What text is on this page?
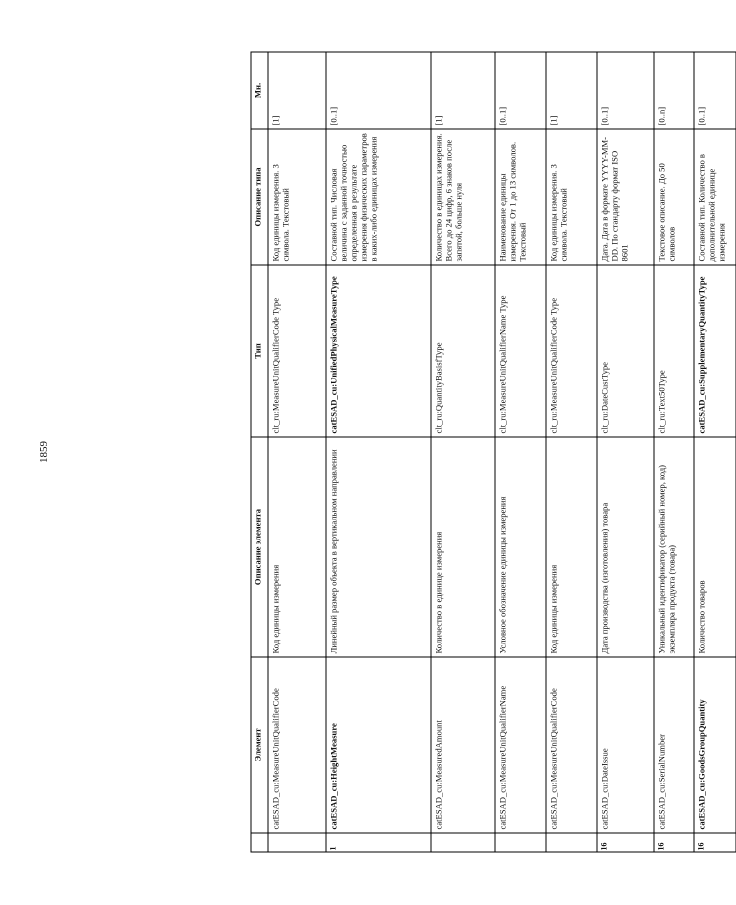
1859
	Элемент	Описание элемента	Тип	Описание типа	Мн.
	catESAD_cu:MeasureUnitQualifierCode	Код единицы измерения	clt_ru:MeasureUnitQualifierCode Type	Код единицы измерения. 3 символа. Текстовый	[1]
1	catESAD_cu:HeightMeasure	Линейный размер объекта в вертикальном направлении	catESAD_cu:UnifiedPhysicalMeasureType	Составной тип. Числовая величина с заданной точностью определенная в результате измерения физических параметров в каких-либо единицах измерения	[0..1]
	catESAD_cu:MeasuredAmount	Количество в единице измерения	clt_ru:QuantityBasisfType	Количество в единицах измерения. Всего до 24 цифр, 6 знаков после запятой, больше нуля	[1]
	catESAD_cu:MeasureUnitQualifierName	Условное обозначение единицы измерения	clt_ru:MeasureUnitQualifierName Type	Наименование единицы измерения. От 1 до 13 символов. Текстовый	[0..1]
	catESAD_cu:MeasureUnitQualifierCode	Код единицы измерения	clt_ru:MeasureUnitQualifierCode Type	Код единицы измерения. 3 символа. Текстовый	[1]
16	catESAD_cu:DateIssue	Дата производства (изготовления) товара	clt_ru:DateCustType	Дата. Дата в формате YYYY-MM-DD. По стандарту формат ISO 8601	[0..1]
16	catESAD_cu:SerialNumber	Уникальный идентификатор (серийный номер, код) экземпляра продукта (товара)	clt_ru:Text50Type	Текстовое описание. До 50 символов	[0..n]
16	catESAD_cu:GoodsGroupQuantity	Количество товаров	catESAD_cu:SupplementaryQuantityType	Составной тип. Количество в дополнительной единице измерения	[0..1]
